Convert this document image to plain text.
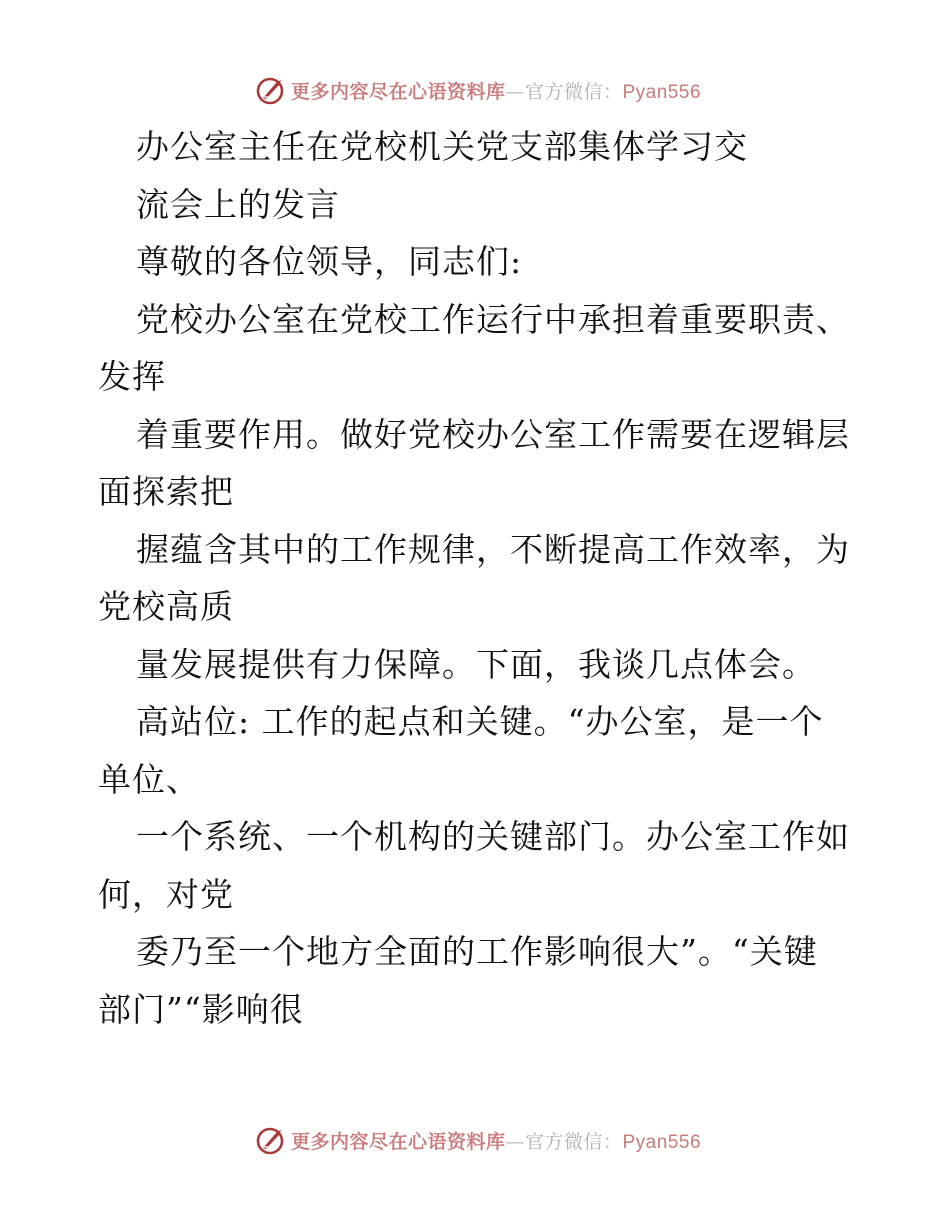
更多内容尽在心语资料库—官方微信：Pyan556
办公室主任在党校机关党支部集体学习交
流会上的发言
尊敬的各位领导，同志们:
党校办公室在党校工作运行中承担着重要职责、
发挥
着重要作用。做好党校办公室工作需要在逻辑层
面探索把
握蕴含其中的工作规律，不断提高工作效率，为
党校高质
量发展提供有力保障。下面，我谈几点体会。
高站位: 工作的起点和关键。“办公室，是一个
单位、
一个系统、一个机构的关键部门。办公室工作如
何，对党
委乃至一个地方全面的工作影响很大”。“关键
部门”“影响很
更多内容尽在心语资料库—官方微信：Pyan556
